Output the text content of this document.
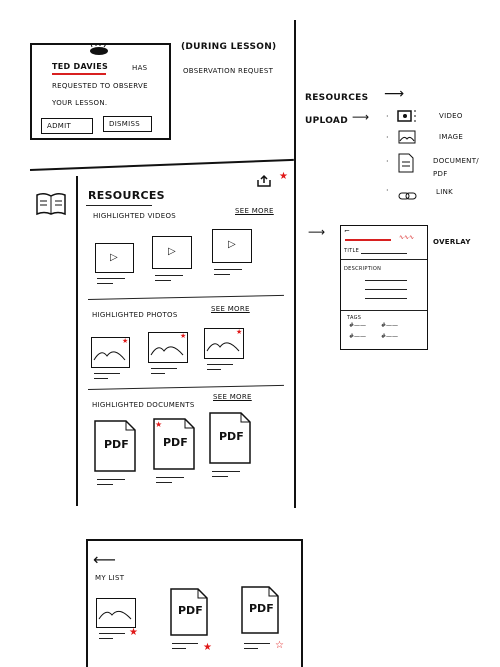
TED DAVIES	HAS
REQUESTED TO OBSERVE
YOUR LESSON.
ADMIT	DISMISS
(DURING LESSON)
OBSERVATION REQUEST
RESOURCES
★
HIGHLIGHTED VIDEOS
SEE MORE
▷
▷
▷
HIGHLIGHTED PHOTOS
SEE MORE
★
★	★
HIGHLIGHTED DOCUMENTS
SEE MORE
PDF
★
PDF	PDF
RESOURCES ⟶
UPLOAD ⟶	VIDEO
IMAGE
DOCUMENT/ PDF
LINK
·
·
·
·
⟶	⌐
∿∿∿
TITLE
DESCRIPTION
TAGS
#—— #——
#—— #——
OVERLAY
⟵
MY LIST
★
PDF
★
PDF
☆
